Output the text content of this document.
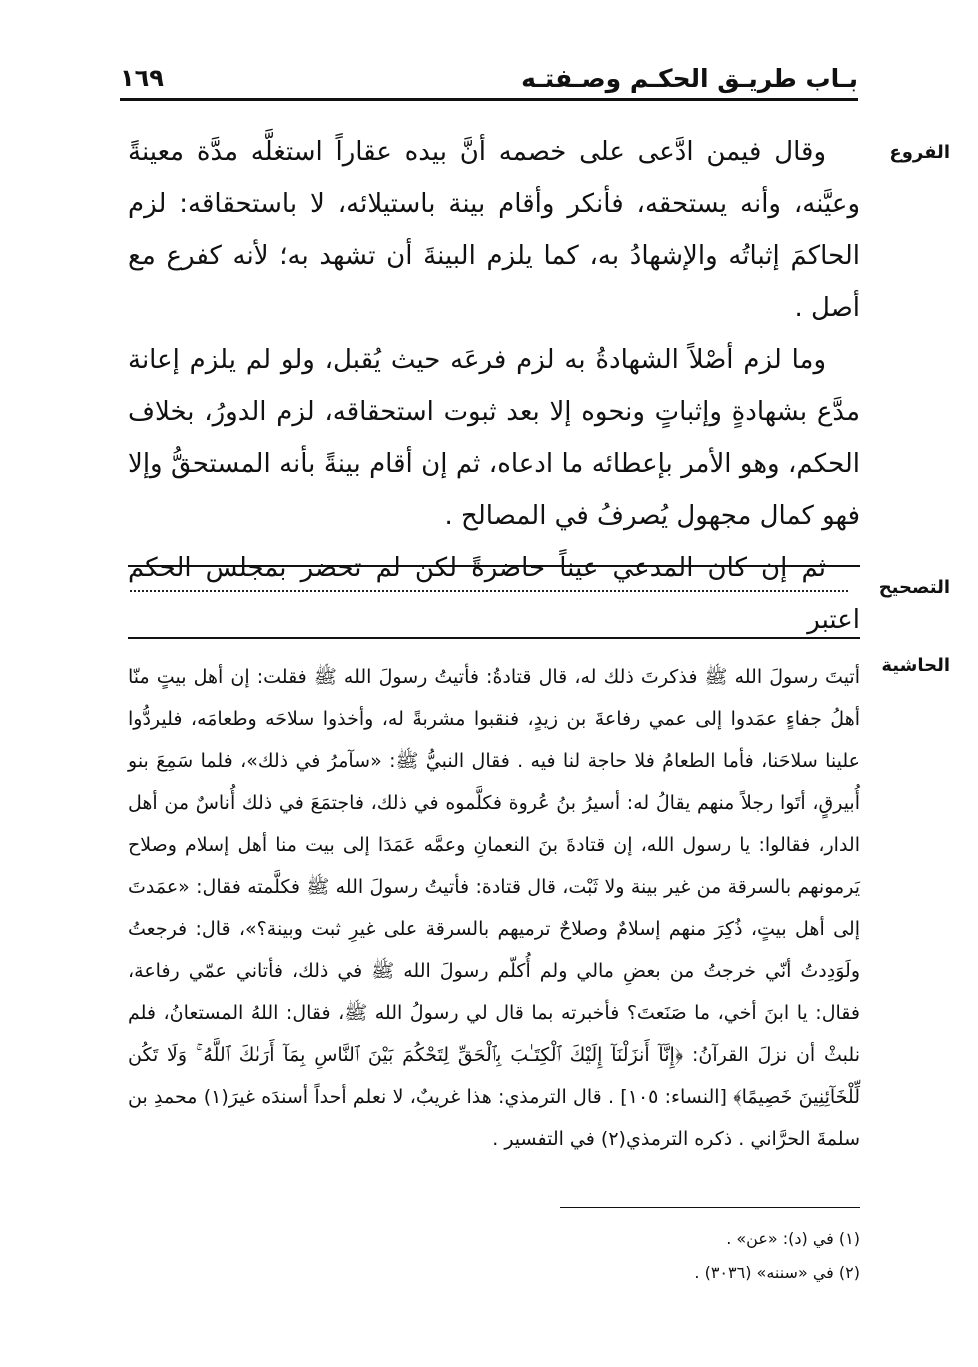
بـاب طريـق الحكـم وصـفتـه
١٦٩
الفروع

وقال فيمن ادَّعى على خصمه أنَّ بيده عقاراً استغلَّه مدَّة معينةً وعيَّنه، وأنه يستحقه، فأنكر وأقام بينة باستيلائه، لا باستحقاقه: لزم الحاكمَ إثباتُه والإشهادُ به، كما يلزم البينةَ أن تشهد به؛ لأنه كفرع مع أصل .

وما لزم أصْلاً الشهادةُ به لزم فرعَه حيث يُقبل، ولو لم يلزم إعانة مدَّع بشهادةٍ وإثباتٍ ونحوه إلا بعد ثبوت استحقاقه، لزم الدورُ، بخلاف الحكم، وهو الأمر بإعطائه ما ادعاه، ثم إن أقام بينةً بأنه المستحقُّ وإلا فهو كمال مجهول يُصرفُ في المصالح .

ثم إن كان المدعي عيناً حاضرةً لكن لم تحضر بمجلس الحكم اعتبر

التصحيح
الحاشية

أتيتَ رسولَ الله ﷺ فذكرتَ ذلك له، قال قتادةُ: فأتيتُ رسولَ الله ﷺ فقلت: إن أهل بيتٍ منّا أهلُ جفاءٍ عمَدوا إلى عمي رفاعةَ بن زيدٍ، فنقبوا مشربةً له، وأخذوا سلاحَه وطعامَه، فليردُّوا علينا سلاحَنا، فأما الطعامُ فلا حاجة لنا فيه . فقال النبيُّ ﷺ: «سآمرُ في ذلك»، فلما سَمِعَ بنو أُبيرقٍ، أتَوا رجلاً منهم يقالُ له: أسيرُ بنُ عُروة فكلَّموه في ذلك، فاجتمَعَ في ذلك أُناسٌ من أهل الدار، فقالوا: يا رسول الله، إن قتادةَ بنَ النعمانِ وعمَّه عَمَدَا إلى بيت منا أهل إسلام وصلاح يَرمونهم بالسرقة من غير بينة ولا ثَبْت، قال قتادة: فأتيتُ رسولَ الله ﷺ فكلَّمته فقال: «عمَدتَ إلى أهل بيتٍ، ذُكِرَ منهم إسلامٌ وصلاحٌ ترميهم بالسرقة على غيرِ ثبت وبينة؟»، قال: فرجعتُ ولَوَدِدتُ أنّي خرجتُ من بعضِ مالي ولم أُكلّم رسولَ الله ﷺ في ذلك، فأتاني عمّي رفاعة، فقال: يا ابنَ أخي، ما صَنَعتَ؟ فأخبرته بما قال لي رسولُ الله ﷺ، فقال: اللهُ المستعانُ، فلم نلبثْ أن نزلَ القرآنُ: ﴿إِنَّآ أَنزَلْنَآ إِلَيْكَ ٱلْكِتَـٰبَ بِٱلْحَقِّ لِتَحْكُمَ بَيْنَ ٱلنَّاسِ بِمَآ أَرَىٰكَ ٱللَّهُ ۚ وَلَا تَكُن لِّلْخَآئِنِينَ خَصِيمًا﴾ [النساء: ١٠٥] . قال الترمذي: هذا غريبٌ، لا نعلم أحداً أسندَه غيرَ(١) محمدِ بن سلمةَ الحرَّاني . ذكره الترمذي(٢) في التفسير .

(١) في (د): «عن» .
(٢) في «سننه» (٣٠٣٦) .
